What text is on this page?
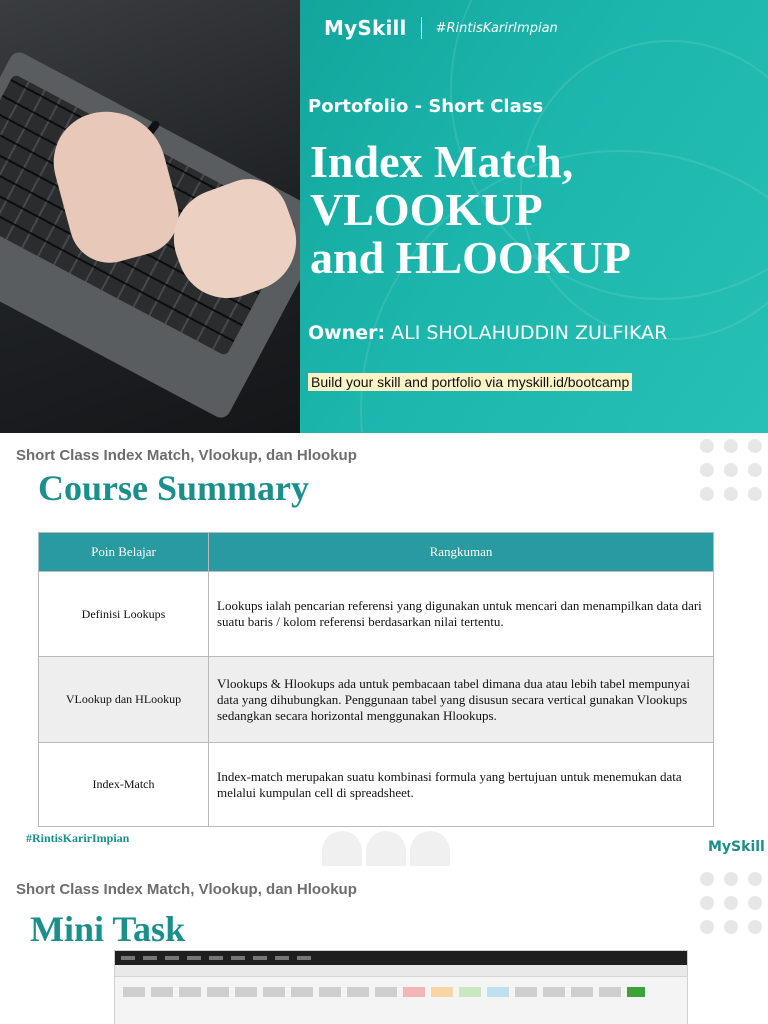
MySkill #RintisKarirImpian
Portofolio - Short Class
Index Match,
VLOOKUP
and HLOOKUP
Owner: ALI SHOLAHUDDIN ZULFIKAR
Build your skill and portfolio via myskill.id/bootcamp
Short Class Index Match, Vlookup, dan Hlookup
Course Summary
Poin Belajar	Rangkuman
Definisi Lookups	Lookups ialah pencarian referensi yang digunakan untuk mencari dan menampilkan data dari suatu baris / kolom referensi berdasarkan nilai tertentu.
VLookup dan HLookup	Vlookups & Hlookups ada untuk pembacaan tabel dimana dua atau lebih tabel mempunyai data yang dihubungkan. Penggunaan tabel yang disusun secara vertical gunakan Vlookups sedangkan secara horizontal menggunakan Hlookups.
Index-Match	Index-match merupakan suatu kombinasi formula yang bertujuan untuk menemukan data melalui kumpulan cell di spreadsheet.
#RintisKarirImpian
MySkill
Short Class Index Match, Vlookup, dan Hlookup
Mini Task
